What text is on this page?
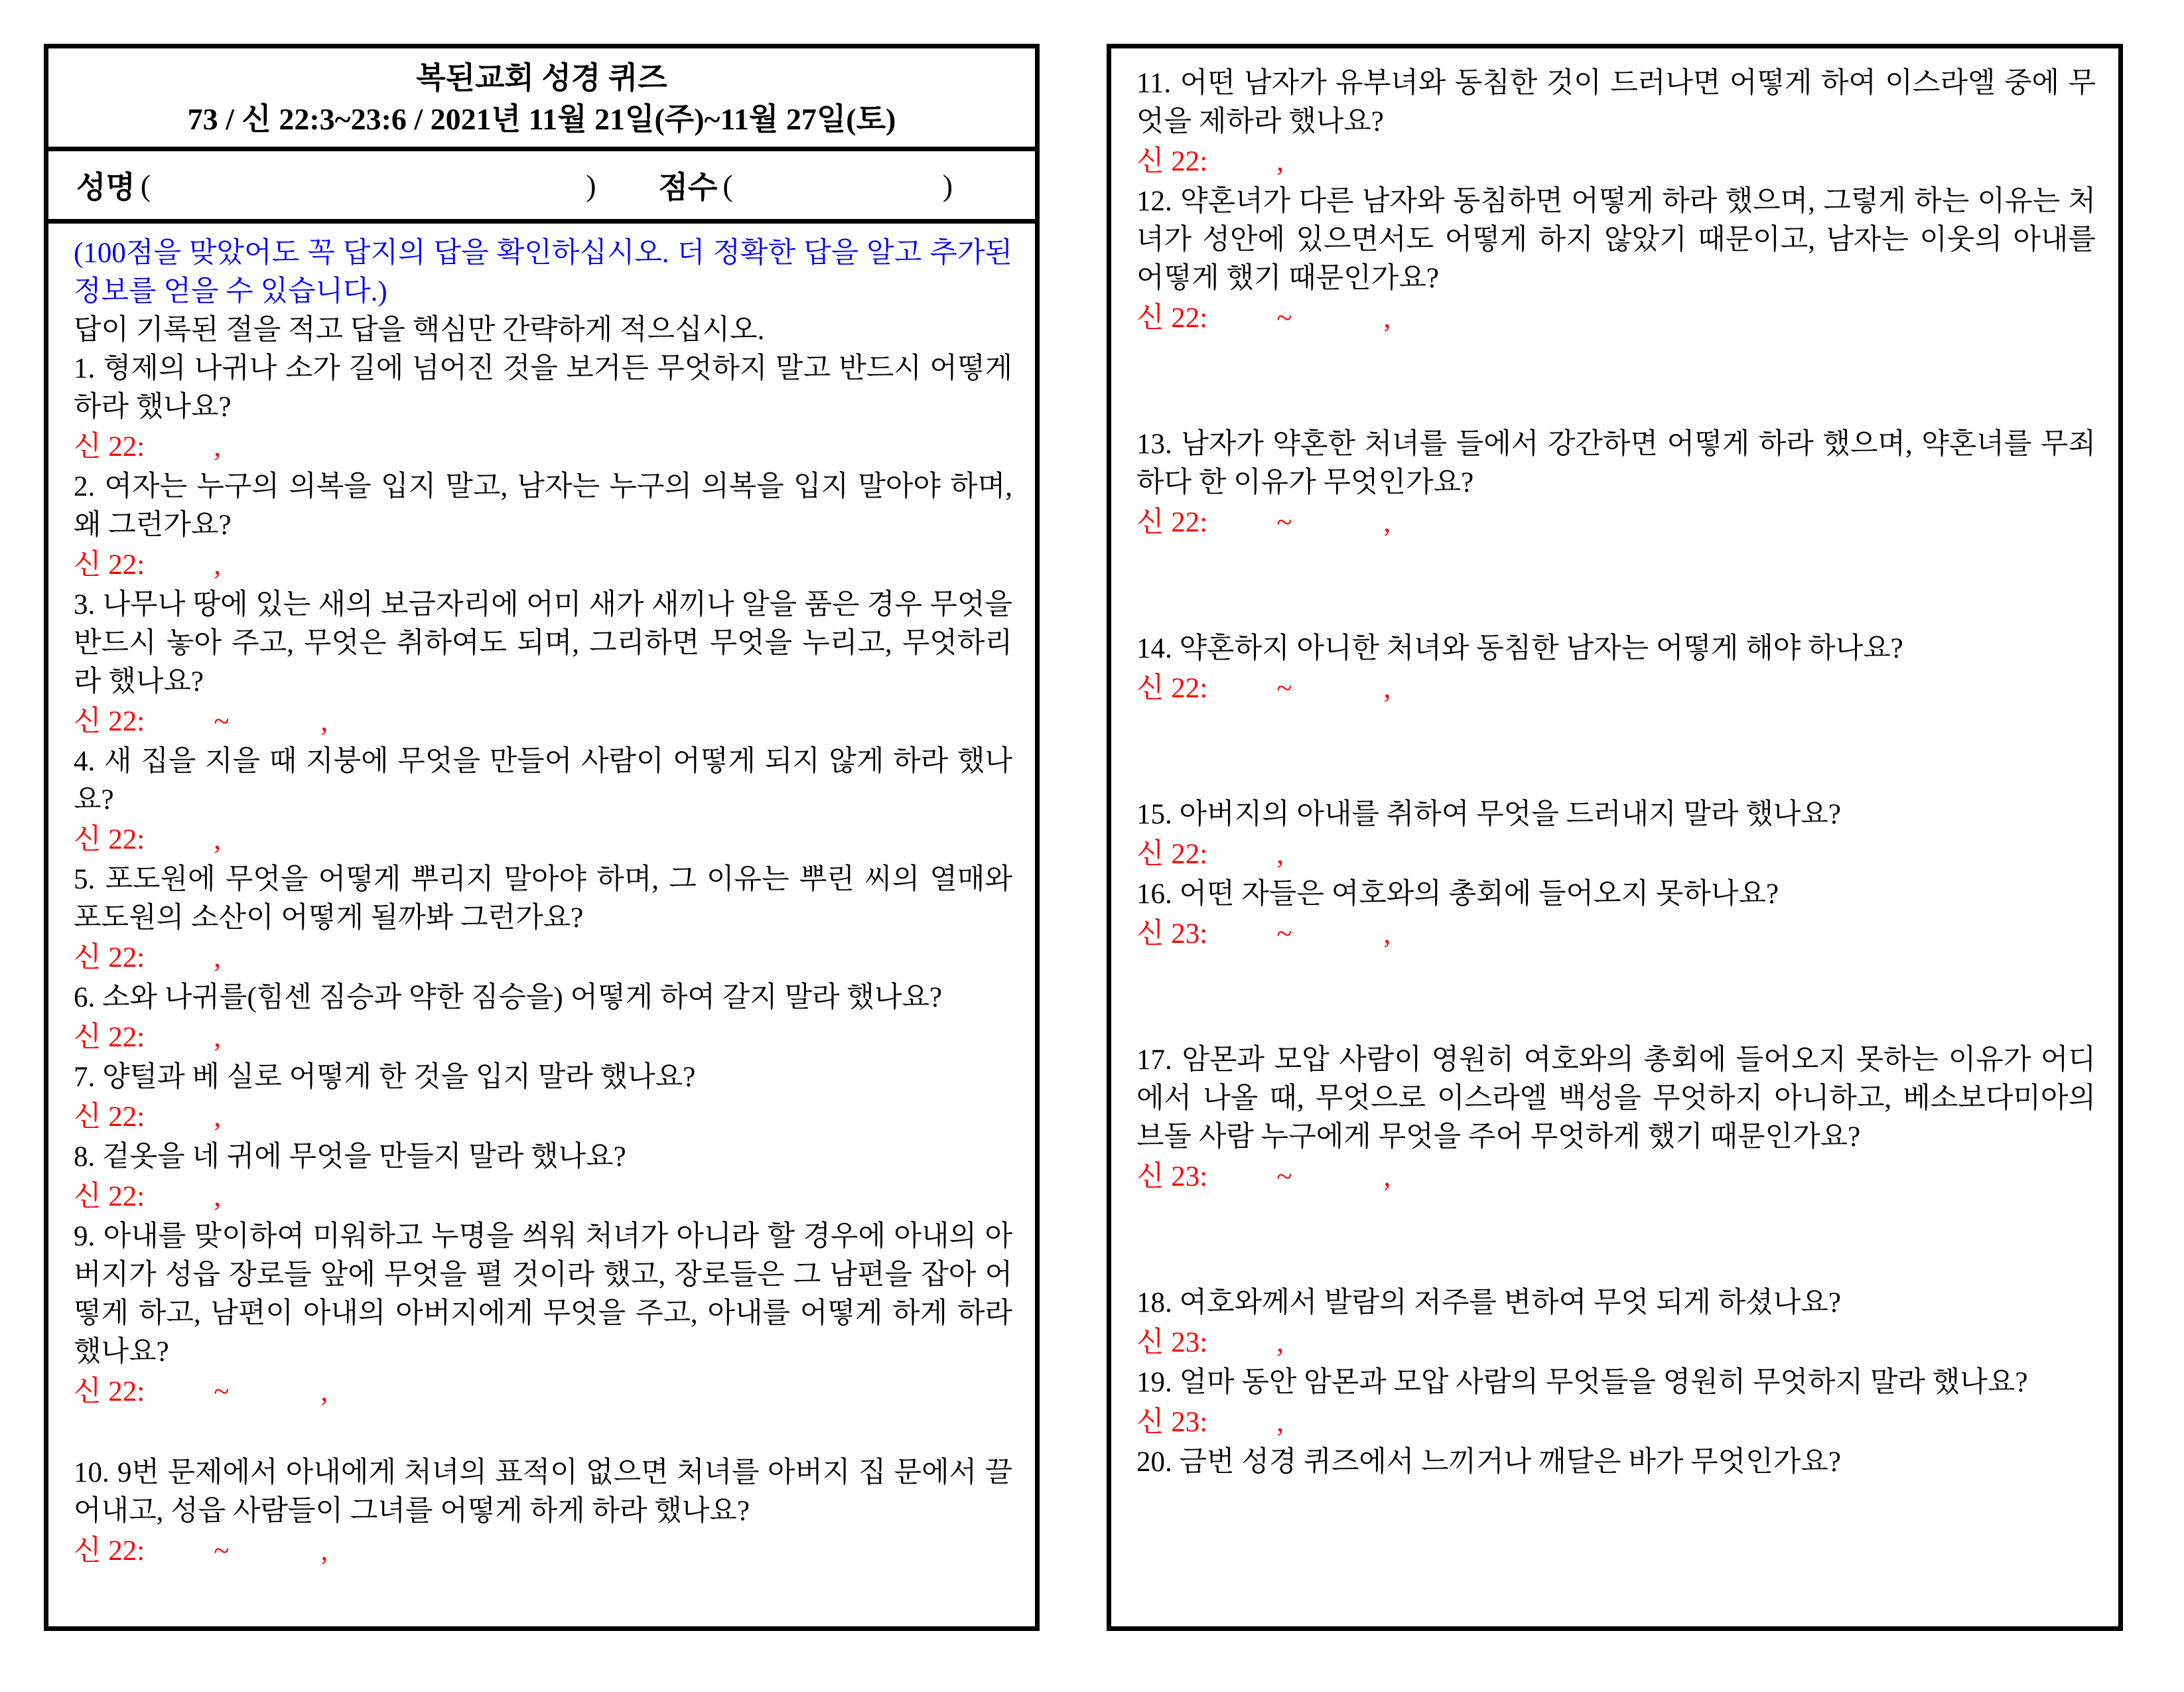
복된교회 성경 퀴즈
73 / 신 22:3~23:6 / 2021년 11월 21일(주)~11월 27일(토)
성명 (	) 점수 (	)

(100점을 맞았어도 꼭 답지의 답을 확인하십시오. 더 정확한 답을 알고 추가된 정보를 얻을 수 있습니다.)

답이 기록된 절을 적고 답을 핵심만 간략하게 적으십시오.

1. 형제의 나귀나 소가 길에 넘어진 것을 보거든 무엇하지 말고 반드시 어떻게 하라 했나요?

신 22: ,

2. 여자는 누구의 의복을 입지 말고, 남자는 누구의 의복을 입지 말아야 하며, 왜 그런가요?

신 22: ,

3. 나무나 땅에 있는 새의 보금자리에 어미 새가 새끼나 알을 품은 경우 무엇을 반드시 놓아 주고, 무엇은 취하여도 되며, 그리하면 무엇을 누리고, 무엇하리라 했나요?

신 22: ~	,

4. 새 집을 지을 때 지붕에 무엇을 만들어 사람이 어떻게 되지 않게 하라 했나요?

신 22: ,

5. 포도원에 무엇을 어떻게 뿌리지 말아야 하며, 그 이유는 뿌린 씨의 열매와 포도원의 소산이 어떻게 될까봐 그런가요?

신 22: ,

6. 소와 나귀를(힘센 짐승과 약한 짐승을) 어떻게 하여 갈지 말라 했나요?

신 22: ,

7. 양털과 베 실로 어떻게 한 것을 입지 말라 했나요?

신 22: ,

8. 겉옷을 네 귀에 무엇을 만들지 말라 했나요?

신 22: ,

9. 아내를 맞이하여 미워하고 누명을 씌워 처녀가 아니라 할 경우에 아내의 아버지가 성읍 장로들 앞에 무엇을 펼 것이라 했고, 장로들은 그 남편을 잡아 어떻게 하고, 남편이 아내의 아버지에게 무엇을 주고, 아내를 어떻게 하게 하라 했나요?

신 22: ~	,

10. 9번 문제에서 아내에게 처녀의 표적이 없으면 처녀를 아버지 집 문에서 끌어내고, 성읍 사람들이 그녀를 어떻게 하게 하라 했나요?

신 22: ~	,

11. 어떤 남자가 유부녀와 동침한 것이 드러나면 어떻게 하여 이스라엘 중에 무엇을 제하라 했나요?

신 22: ,

12. 약혼녀가 다른 남자와 동침하면 어떻게 하라 했으며, 그렇게 하는 이유는 처녀가 성안에 있으면서도 어떻게 하지 않았기 때문이고, 남자는 이웃의 아내를 어떻게 했기 때문인가요?

신 22: ~	,

13. 남자가 약혼한 처녀를 들에서 강간하면 어떻게 하라 했으며, 약혼녀를 무죄하다 한 이유가 무엇인가요?

신 22: ~	,

14. 약혼하지 아니한 처녀와 동침한 남자는 어떻게 해야 하나요?

신 22: ~	,

15. 아버지의 아내를 취하여 무엇을 드러내지 말라 했나요?

신 22: ,

16. 어떤 자들은 여호와의 총회에 들어오지 못하나요?

신 23: ~	,

17. 암몬과 모압 사람이 영원히 여호와의 총회에 들어오지 못하는 이유가 어디에서 나올 때, 무엇으로 이스라엘 백성을 무엇하지 아니하고, 베소보다미아의 브돌 사람 누구에게 무엇을 주어 무엇하게 했기 때문인가요?

신 23: ~	,

18. 여호와께서 발람의 저주를 변하여 무엇 되게 하셨나요?

신 23: ,

19. 얼마 동안 암몬과 모압 사람의 무엇들을 영원히 무엇하지 말라 했나요?

신 23: ,

20. 금번 성경 퀴즈에서 느끼거나 깨달은 바가 무엇인가요?
